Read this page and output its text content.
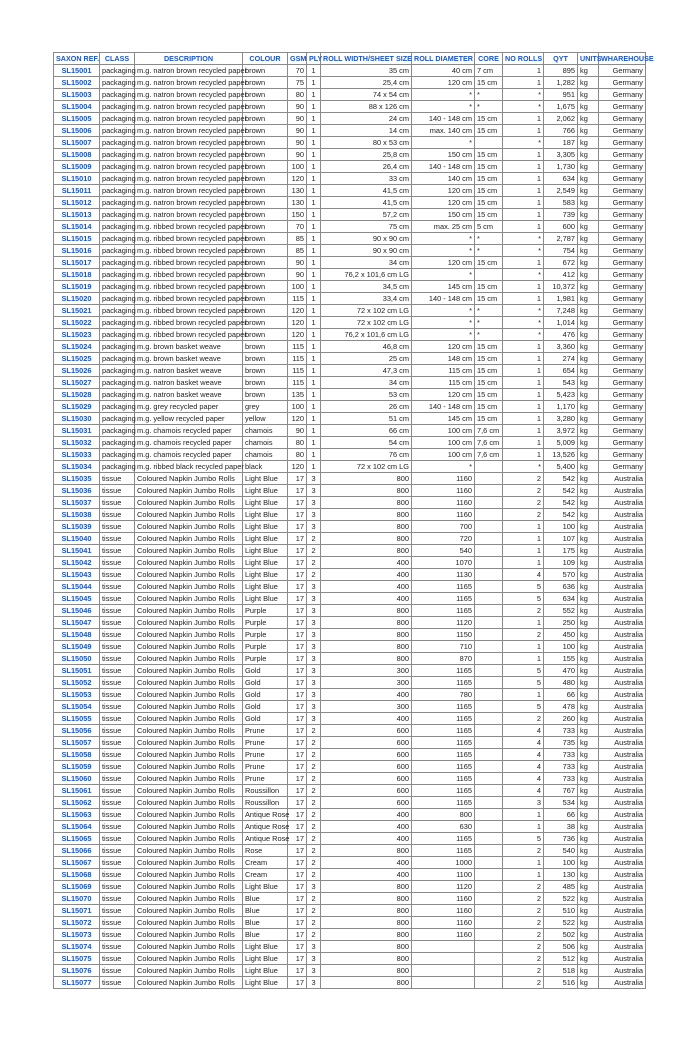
SAXON REF.	CLASS	DESCRIPTION	COLOUR	GSM	PLY	ROLL WIDTH/SHEET SIZE	ROLL DIAMETER	CORE	NO ROLLS	QYT	UNITS	WHAREHOUSE
SL15001	packaging	m.g. natron brown recycled paper	brown	70	1	35 cm	40 cm	7 cm	1	895	kg	Germany
SL15002	packaging	m.g. natron brown recycled paper	brown	75	1	25,4 cm	120 cm	15 cm	1	1,282	kg	Germany
SL15003	packaging	m.g. natron brown recycled paper	brown	80	1	74 x 54 cm	*	*	*	951	kg	Germany
SL15004	packaging	m.g. natron brown recycled paper	brown	90	1	88 x 126 cm	*	*	*	1,675	kg	Germany
SL15005	packaging	m.g. natron brown recycled paper	brown	90	1	24 cm	140 - 148 cm	15 cm	1	2,062	kg	Germany
SL15006	packaging	m.g. natron brown recycled paper	brown	90	1	14 cm	max. 140 cm	15 cm	1	766	kg	Germany
SL15007	packaging	m.g. natron brown recycled paper	brown	90	1	80 x 53 cm	*		*	187	kg	Germany
SL15008	packaging	m.g. natron brown recycled paper	brown	90	1	25,8 cm	150 cm	15 cm	1	3,305	kg	Germany
SL15009	packaging	m.g. natron brown recycled paper	brown	100	1	26,4 cm	140 - 148 cm	15 cm	1	1,730	kg	Germany
SL15010	packaging	m.g. natron brown recycled paper	brown	120	1	33 cm	140 cm	15 cm	1	634	kg	Germany
SL15011	packaging	m.g. natron brown recycled paper	brown	130	1	41,5 cm	120 cm	15 cm	1	2,549	kg	Germany
SL15012	packaging	m.g. natron brown recycled paper	brown	130	1	41,5 cm	120 cm	15 cm	1	583	kg	Germany
SL15013	packaging	m.g. natron brown recycled paper	brown	150	1	57,2 cm	150 cm	15 cm	1	739	kg	Germany
SL15014	packaging	m.g. ribbed brown recycled paper	brown	70	1	75 cm	max. 25 cm	5 cm	1	600	kg	Germany
SL15015	packaging	m.g. ribbed brown recycled paper	brown	85	1	90 x 90 cm	*	*	*	2,787	kg	Germany
SL15016	packaging	m.g. ribbed brown recycled paper	brown	85	1	90 x 90 cm	*	*	*	754	kg	Germany
SL15017	packaging	m.g. ribbed brown recycled paper	brown	90	1	34 cm	120 cm	15 cm	1	672	kg	Germany
SL15018	packaging	m.g. ribbed brown recycled paper	brown	90	1	76,2 x 101,6 cm LG	*		*	412	kg	Germany
SL15019	packaging	m.g. ribbed brown recycled paper	brown	100	1	34,5 cm	145 cm	15 cm	1	10,372	kg	Germany
SL15020	packaging	m.g. ribbed brown recycled paper	brown	115	1	33,4 cm	140 - 148 cm	15 cm	1	1,981	kg	Germany
SL15021	packaging	m.g. ribbed brown recycled paper	brown	120	1	72 x 102 cm LG	*	*	*	7,248	kg	Germany
SL15022	packaging	m.g. ribbed brown recycled paper	brown	120	1	72 x 102 cm LG	*	*	*	1,014	kg	Germany
SL15023	packaging	m.g. ribbed brown recycled paper	brown	120	1	76,2 x 101,6 cm LG	*	*	*	476	kg	Germany
SL15024	packaging	m.g. brown basket weave	brown	115	1	46,8 cm	120 cm	15 cm	1	3,360	kg	Germany
SL15025	packaging	m.g. brown basket weave	brown	115	1	25 cm	148 cm	15 cm	1	274	kg	Germany
SL15026	packaging	m.g. natron basket weave	brown	115	1	47,3 cm	115 cm	15 cm	1	654	kg	Germany
SL15027	packaging	m.g. natron basket weave	brown	115	1	34 cm	115 cm	15 cm	1	543	kg	Germany
SL15028	packaging	m.g. natron basket weave	brown	135	1	53 cm	120 cm	15 cm	1	5,423	kg	Germany
SL15029	packaging	m.g. grey recycled paper	grey	100	1	26 cm	140 - 148 cm	15 cm	1	1,170	kg	Germany
SL15030	packaging	m.g. yellow recycled paper	yellow	120	1	51 cm	145 cm	15 cm	1	3,280	kg	Germany
SL15031	packaging	m.g. chamois recycled paper	chamois	90	1	66 cm	100 cm	7,6 cm	1	3,972	kg	Germany
SL15032	packaging	m.g. chamois recycled paper	chamois	80	1	54 cm	100 cm	7,6 cm	1	5,009	kg	Germany
SL15033	packaging	m.g. chamois recycled paper	chamois	80	1	76 cm	100 cm	7,6 cm	1	13,526	kg	Germany
SL15034	packaging	m.g. ribbed black recycled paper	black	120	1	72 x 102 cm LG	*		*	5,400	kg	Germany
SL15035	tissue	Coloured Napkin Jumbo Rolls	Light Blue	17	3	800	1160		2	542	kg	Australia
SL15036	tissue	Coloured Napkin Jumbo Rolls	Light Blue	17	3	800	1160		2	542	kg	Australia
SL15037	tissue	Coloured Napkin Jumbo Rolls	Light Blue	17	3	800	1160		2	542	kg	Australia
SL15038	tissue	Coloured Napkin Jumbo Rolls	Light Blue	17	3	800	1160		2	542	kg	Australia
SL15039	tissue	Coloured Napkin Jumbo Rolls	Light Blue	17	3	800	700		1	100	kg	Australia
SL15040	tissue	Coloured Napkin Jumbo Rolls	Light Blue	17	2	800	720		1	107	kg	Australia
SL15041	tissue	Coloured Napkin Jumbo Rolls	Light Blue	17	2	800	540		1	175	kg	Australia
SL15042	tissue	Coloured Napkin Jumbo Rolls	Light Blue	17	2	400	1070		1	109	kg	Australia
SL15043	tissue	Coloured Napkin Jumbo Rolls	Light Blue	17	2	400	1130		4	570	kg	Australia
SL15044	tissue	Coloured Napkin Jumbo Rolls	Light Blue	17	3	400	1165		5	636	kg	Australia
SL15045	tissue	Coloured Napkin Jumbo Rolls	Light Blue	17	3	400	1165		5	634	kg	Australia
SL15046	tissue	Coloured Napkin Jumbo Rolls	Purple	17	3	800	1165		2	552	kg	Australia
SL15047	tissue	Coloured Napkin Jumbo Rolls	Purple	17	3	800	1120		1	250	kg	Australia
SL15048	tissue	Coloured Napkin Jumbo Rolls	Purple	17	3	800	1150		2	450	kg	Australia
SL15049	tissue	Coloured Napkin Jumbo Rolls	Purple	17	3	800	710		1	100	kg	Australia
SL15050	tissue	Coloured Napkin Jumbo Rolls	Purple	17	3	800	870		1	155	kg	Australia
SL15051	tissue	Coloured Napkin Jumbo Rolls	Gold	17	3	300	1165		5	470	kg	Australia
SL15052	tissue	Coloured Napkin Jumbo Rolls	Gold	17	3	300	1165		5	480	kg	Australia
SL15053	tissue	Coloured Napkin Jumbo Rolls	Gold	17	3	400	780		1	66	kg	Australia
SL15054	tissue	Coloured Napkin Jumbo Rolls	Gold	17	3	300	1165		5	478	kg	Australia
SL15055	tissue	Coloured Napkin Jumbo Rolls	Gold	17	3	400	1165		2	260	kg	Australia
SL15056	tissue	Coloured Napkin Jumbo Rolls	Prune	17	2	600	1165		4	733	kg	Australia
SL15057	tissue	Coloured Napkin Jumbo Rolls	Prune	17	2	600	1165		4	735	kg	Australia
SL15058	tissue	Coloured Napkin Jumbo Rolls	Prune	17	2	600	1165		4	733	kg	Australia
SL15059	tissue	Coloured Napkin Jumbo Rolls	Prune	17	2	600	1165		4	733	kg	Australia
SL15060	tissue	Coloured Napkin Jumbo Rolls	Prune	17	2	600	1165		4	733	kg	Australia
SL15061	tissue	Coloured Napkin Jumbo Rolls	Roussillon	17	2	600	1165		4	767	kg	Australia
SL15062	tissue	Coloured Napkin Jumbo Rolls	Roussillon	17	2	600	1165		3	534	kg	Australia
SL15063	tissue	Coloured Napkin Jumbo Rolls	Antique Rose	17	2	400	800		1	66	kg	Australia
SL15064	tissue	Coloured Napkin Jumbo Rolls	Antique Rose	17	2	400	630		1	38	kg	Australia
SL15065	tissue	Coloured Napkin Jumbo Rolls	Antique Rose	17	2	400	1165		5	736	kg	Australia
SL15066	tissue	Coloured Napkin Jumbo Rolls	Rose	17	2	800	1165		2	540	kg	Australia
SL15067	tissue	Coloured Napkin Jumbo Rolls	Cream	17	2	400	1000		1	100	kg	Australia
SL15068	tissue	Coloured Napkin Jumbo Rolls	Cream	17	2	400	1100		1	130	kg	Australia
SL15069	tissue	Coloured Napkin Jumbo Rolls	Light Blue	17	3	800	1120		2	485	kg	Australia
SL15070	tissue	Coloured Napkin Jumbo Rolls	Blue	17	2	800	1160		2	522	kg	Australia
SL15071	tissue	Coloured Napkin Jumbo Rolls	Blue	17	2	800	1160		2	510	kg	Australia
SL15072	tissue	Coloured Napkin Jumbo Rolls	Blue	17	2	800	1160		2	522	kg	Australia
SL15073	tissue	Coloured Napkin Jumbo Rolls	Blue	17	2	800	1160		2	502	kg	Australia
SL15074	tissue	Coloured Napkin Jumbo Rolls	Light Blue	17	3	800			2	506	kg	Australia
SL15075	tissue	Coloured Napkin Jumbo Rolls	Light Blue	17	3	800			2	512	kg	Australia
SL15076	tissue	Coloured Napkin Jumbo Rolls	Light Blue	17	3	800			2	518	kg	Australia
SL15077	tissue	Coloured Napkin Jumbo Rolls	Light Blue	17	3	800			2	516	kg	Australia
